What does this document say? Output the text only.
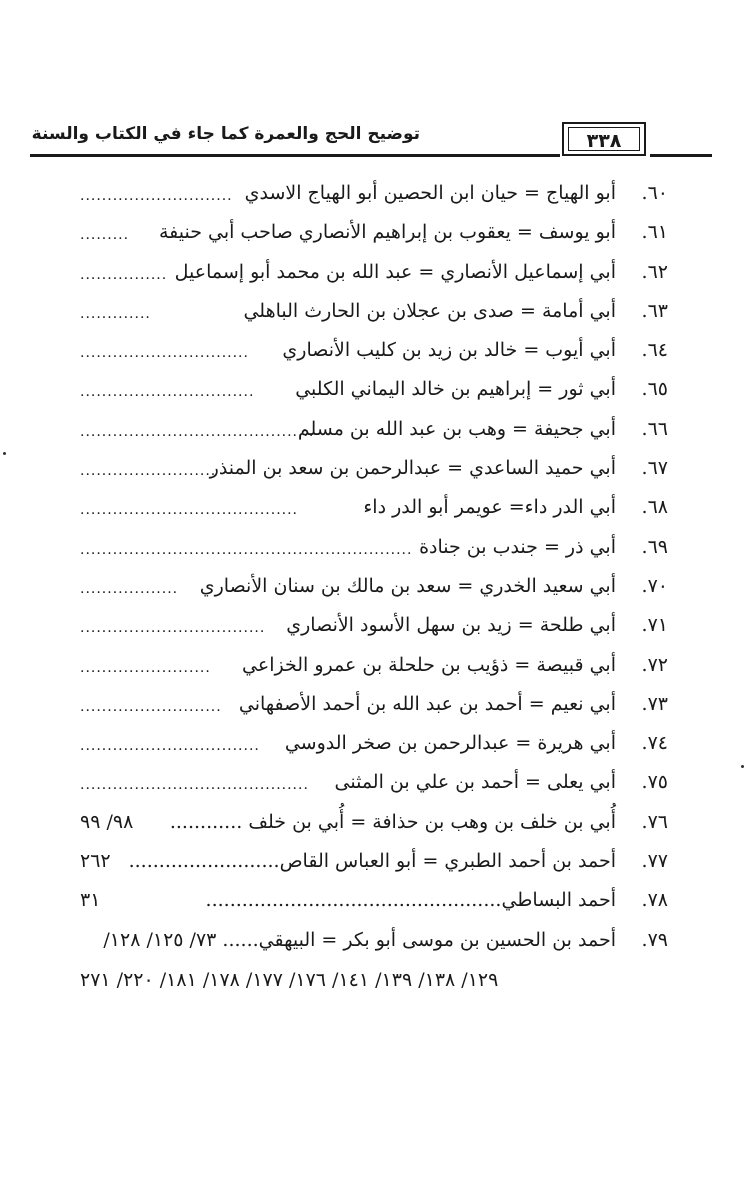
توضيح الحج والعمرة كما جاء في الكتاب والسنة	٣٣٨
٦٠.
أبو الهياج = حيان ابن الحصين أبو الهياج الاسدي
............................
٦١.
أبو يوسف = يعقوب بن إبراهيم الأنصاري صاحب أبي حنيفة
.........
٦٢.
أبي إسماعيل الأنصاري = عبد الله بن محمد أبو إسماعيل
................
٦٣.
أبي أمامة = صدى بن عجلان بن الحارث الباهلي
.............
٦٤.
أبي أيوب = خالد بن زيد بن كليب الأنصاري
...............................
٦٥.
أبي ثور = إبراهيم بن خالد اليماني الكلبي
................................
٦٦.
أبي جحيفة = وهب بن عبد الله بن مسلم
...........................................
٦٧.
أبي حميد الساعدي = عبدالرحمن بن سعد بن المنذر
.........................
٦٨.
أبي الدر داء= عويمر أبو الدر داء
........................................
٦٩.
أبي ذر = جندب بن جنادة
.............................................................
٧٠.
أبي سعيد الخدري = سعد بن مالك بن سنان الأنصاري
..................
٧١.
أبي طلحة = زيد بن سهل الأسود الأنصاري
..................................
٧٢.
أبي قبيصة = ذؤيب بن حلحلة بن عمرو الخزاعي
........................
٧٣.
أبي نعيم = أحمد بن عبد الله بن أحمد الأصفهاني
..........................
٧٤.
أبي هريرة = عبدالرحمن بن صخر الدوسي
.................................
٧٥.
أبي يعلى = أحمد بن علي بن المثنى
..........................................
٧٦.
أُبي بن خلف بن وهب بن حذافة = أُبي بن خلف ............
٩٨/ ٩٩
٧٧.
أحمد بن أحمد الطبري = أبو العباس القاص.........................
٢٦٢
٧٨.
أحمد البساطي.................................................
٣١
٧٩.
أحمد بن الحسين بن موسى أبو بكر = البيهقي...... ٧٣/ ١٢٥/ ١٢٨/
١٢٩/ ١٣٨/ ١٣٩/ ١٤١/ ١٧٦/ ١٧٧/ ١٧٨/ ١٨١/ ٢٢٠/ ٢٧١
